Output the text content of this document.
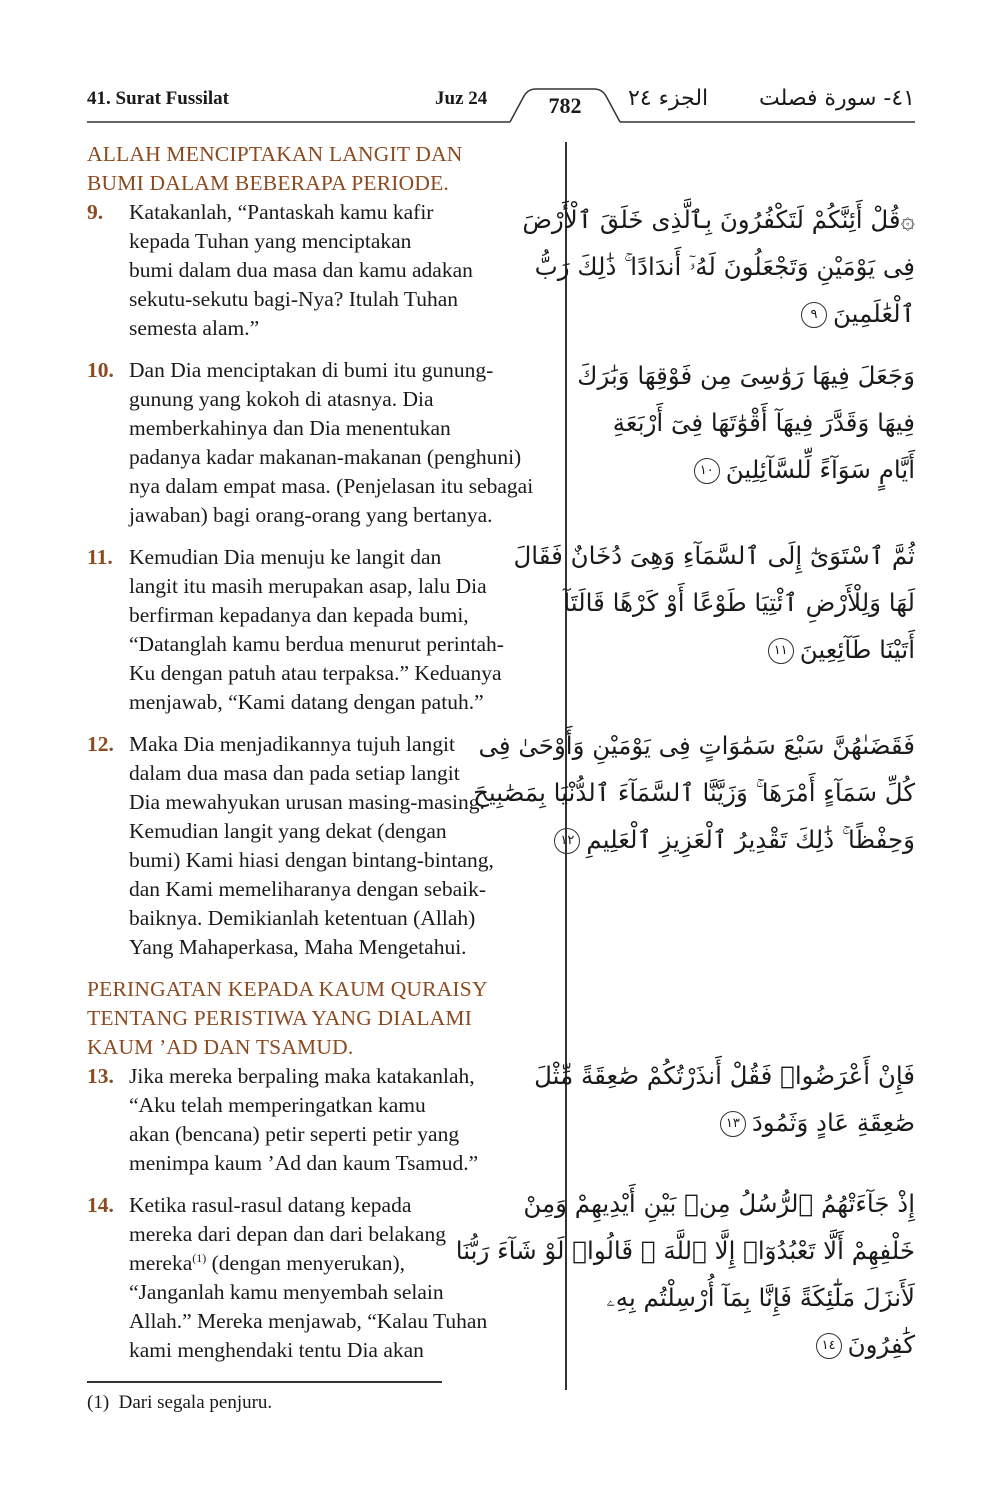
41. Surat Fussilat	Juz 24	782	الجزء ٢٤ ٤١- سورة فصلت
ALLAH MENCIPTAKAN LANGIT DAN
BUMI DALAM BEBERAPA PERIODE.
9.	Katakanlah, “Pantaskah kamu kafir
kepada Tuhan yang menciptakan
bumi dalam dua masa dan kamu adakan
sekutu-sekutu bagi-Nya? Itulah Tuhan
semesta alam.”
10. Dan Dia menciptakan di bumi itu gunung-
gunung yang kokoh di atasnya. Dia
memberkahinya dan Dia menentukan
padanya kadar makanan-makanan (penghuni)
nya dalam empat masa. (Penjelasan itu sebagai
jawaban) bagi orang-orang yang bertanya.
11. Kemudian Dia menuju ke langit dan
langit itu masih merupakan asap, lalu Dia
berfirman kepadanya dan kepada bumi,
“Datanglah kamu berdua menurut perintah-
Ku dengan patuh atau terpaksa.” Keduanya
menjawab, “Kami datang dengan patuh.”
12. Maka Dia menjadikannya tujuh langit
dalam dua masa dan pada setiap langit
Dia mewahyukan urusan masing-masing.
Kemudian langit yang dekat (dengan
bumi) Kami hiasi dengan bintang-bintang,
dan Kami memeliharanya dengan sebaik-
baiknya. Demikianlah ketentuan (Allah)
Yang Mahaperkasa, Maha Mengetahui.
PERINGATAN KEPADA KAUM QURAISY
TENTANG PERISTIWA YANG DIALAMI
KAUM ’AD DAN TSAMUD.
13. Jika mereka berpaling maka katakanlah,
“Aku telah memperingatkan kamu
akan (bencana) petir seperti petir yang
menimpa kaum ’Ad dan kaum Tsamud.”
14. Ketika rasul-rasul datang kepada
mereka dari depan dan dari belakang
mereka$^{(1)}$ (dengan menyerukan),
“Janganlah kamu menyembah selain
Allah.” Mereka menjawab, “Kalau Tuhan
kami menghendaki tentu Dia akan
۞قُلْ أَئِنَّكُمْ لَتَكْفُرُونَ بِٱلَّذِى خَلَقَ ٱلْأَرْضَ
فِى يَوْمَيْنِ وَتَجْعَلُونَ لَهُۥٓ أَندَادًا ۚ ذَٰلِكَ رَبُّ
ٱلْعَٰلَمِينَ٩
وَجَعَلَ فِيهَا رَوَٰسِىَ مِن فَوْقِهَا وَبَٰرَكَ
فِيهَا وَقَدَّرَ فِيهَآ أَقْوَٰتَهَا فِىٓ أَرْبَعَةِ
أَيَّامٍ سَوَآءً لِّلسَّآئِلِينَ١٠
ثُمَّ ٱسْتَوَىٰٓ إِلَى ٱلسَّمَآءِ وَهِىَ دُخَانٌ فَقَالَ
لَهَا وَلِلْأَرْضِ ٱئْتِيَا طَوْعًا أَوْ كَرْهًا قَالَتَآ
أَتَيْنَا طَآئِعِينَ١١
فَقَضَىٰهُنَّ سَبْعَ سَمَٰوَاتٍ فِى يَوْمَيْنِ وَأَوْحَىٰ فِى
كُلِّ سَمَآءٍ أَمْرَهَا ۚ وَزَيَّنَّا ٱلسَّمَآءَ ٱلدُّنْيَا بِمَصَٰبِيحَ
وَحِفْظًا ۚ ذَٰلِكَ تَقْدِيرُ ٱلْعَزِيزِ ٱلْعَلِيمِ١٢
فَإِنْ أَعْرَضُوا۟ فَقُلْ أَنذَرْتُكُمْ صَٰعِقَةً مِّثْلَ
صَٰعِقَةِ عَادٍ وَثَمُودَ١٣
إِذْ جَآءَتْهُمُ ٱلرُّسُلُ مِنۢ بَيْنِ أَيْدِيهِمْ وَمِنْ
خَلْفِهِمْ أَلَّا تَعْبُدُوٓا۟ إِلَّا ٱللَّهَ ۖ قَالُوا۟ لَوْ شَآءَ رَبُّنَا
لَأَنزَلَ مَلَٰٓئِكَةً فَإِنَّا بِمَآ أُرْسِلْتُم بِهِۦ
كَٰفِرُونَ١٤
(1) Dari segala penjuru.
